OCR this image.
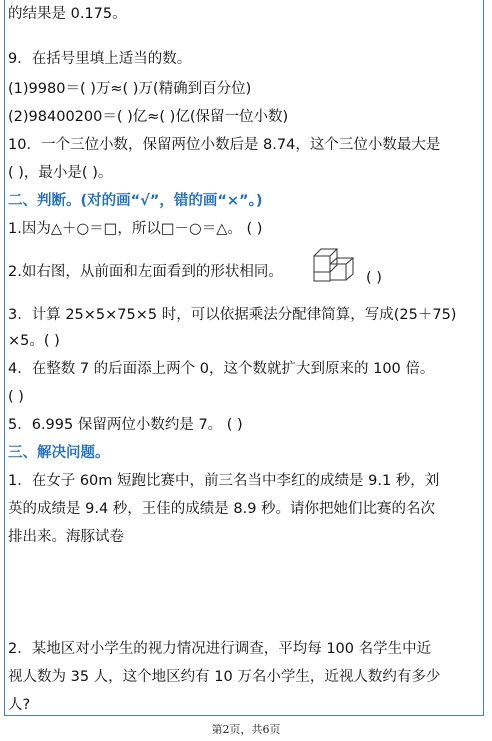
的结果是 0.175。
9．在括号里填上适当的数。
(1)9980＝( )万≈( )万(精确到百分位)
(2)98400200＝( )亿≈( )亿(保留一位小数)
10．一个三位小数，保留两位小数后是 8.74，这个三位小数最大是
( )，最小是( )。
二、判断。(对的画“√”，错的画“×”。)
1.因为△＋○＝□，所以□－○＝△。 ( )
2.如右图，从前面和左面看到的形状相同。	( )
3．计算 25×5×75×5 时，可以依据乘法分配律简算，写成(25＋75)
×5。( )
4．在整数 7 的后面添上两个 0，这个数就扩大到原来的 100 倍。
( )
5．6.995 保留两位小数约是 7。 ( )
三、解决问题。
1．在女子 60m 短跑比赛中，前三名当中李红的成绩是 9.1 秒，刘
英的成绩是 9.4 秒，王佳的成绩是 8.9 秒。请你把她们比赛的名次
排出来。海豚试卷
2．某地区对小学生的视力情况进行调查，平均每 100 名学生中近
视人数为 35 人，这个地区约有 10 万名小学生，近视人数约有多少
人?
第2页，共6页
